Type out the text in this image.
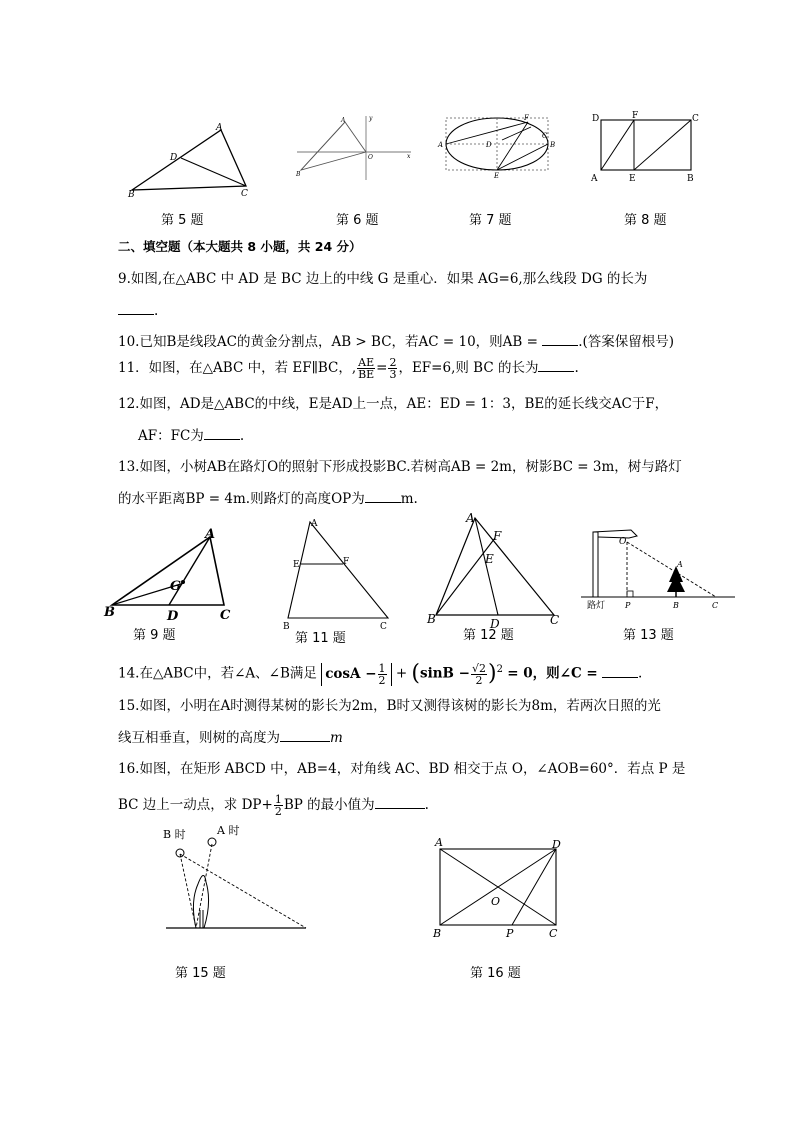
A
B	C
D
A
B
O	x
y
A	B
D
E
F
C
A	B
C
D
E
F
第 5 题	第 6 题	第 7 题	第 8 题
二、填空题（本大题共 8 小题，共 24 分）
9.如图,在△ABC 中 AD 是 BC 边上的中线 G 是重心．如果 AG=6,那么线段 DG 的长为
.
10.已知B是线段AC的黄金分割点，AB > BC，若AC = 10，则AB =	.(答案保留根号)
11．如图，在△ABC 中，若 EF∥BC，, $\frac{AE}{BE} = \frac{2}{3}$ ，EF=6,则 BC 的长为	.
12.如图，AD是△ABC的中线，E是AD上一点，AE：ED = 1：3，BE的延长线交AC于F，
AF：FC为	.
13.如图，小树AB在路灯O的照射下形成投影BC.若树高AB = 2m，树影BC = 3m，树与路灯
的水平距离BP = 4m.则路灯的高度OP为	m.
A
B	C
D
G
A
B	C
E	F
A
B	C
D
E
F	O
A
B	C
P
路灯
第 9 题	第 11 题	第 12 题	第 13 题
14.在△ABC中，若∠A、∠B满足 $\cos A - \frac{1}{2} + (\sin B - \frac{√2}{2} )^2 = 0$，则∠C =	.
15.如图，小明在A时测得某树的影长为2m，B时又测得该树的影长为8m，若两次日照的光
线互相垂直，则树的高度为	m
16.如图，在矩形 ABCD 中，AB=4，对角线 AC、BD 相交于点 O，∠AOB=60°．若点 P 是
BC 边上一动点，求 $DP+ \frac{1}{2}$ BP 的最小值为	.
B 时	A 时
A
B	C
D
O
P
第 15 题	第 16 题
